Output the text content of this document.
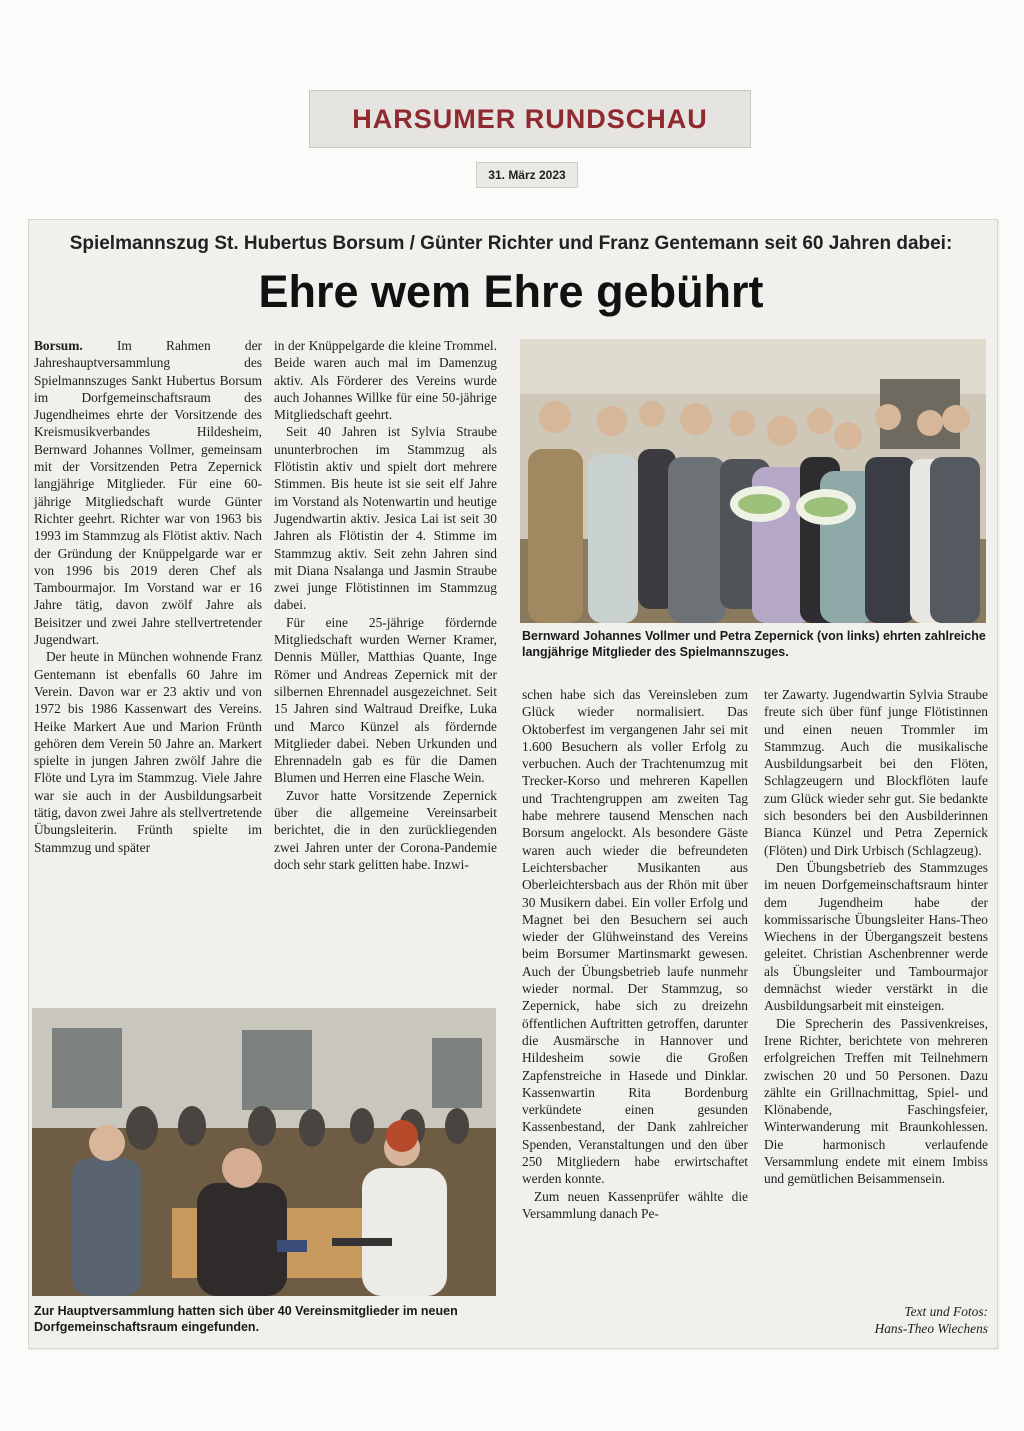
HARSUMER RUNDSCHAU
31. März 2023
Spielmannszug St. Hubertus Borsum / Günter Richter und Franz Gentemann seit 60 Jahren dabei:
Ehre wem Ehre gebührt

Borsum.	Im Rahmen der Jahreshauptversammlung des Spielmannszuges Sankt Hubertus Borsum im Dorfgemeinschaftsraum des Jugendheimes ehrte der Vorsitzende des Kreismusikverbandes Hildesheim, Bernward Johannes Vollmer, gemeinsam mit der Vorsitzenden Petra Zepernick langjährige Mitglieder. Für eine 60-jährige Mitgliedschaft wurde Günter Richter geehrt. Richter war von 1963 bis 1993 im Stammzug als Flötist aktiv. Nach der Gründung der Knüppelgarde war er von 1996 bis 2019 deren Chef als Tambourmajor. Im Vorstand war er 16 Jahre tätig, davon zwölf Jahre als Beisitzer und zwei Jahre stellvertretender Jugendwart.

Der heute in München wohnende Franz Gentemann ist ebenfalls 60 Jahre im Verein. Davon war er 23 aktiv und von 1972 bis 1986 Kassenwart des Vereins. Heike Markert Aue und Marion Frünth gehören dem Verein 50 Jahre an. Markert spielte in jungen Jahren zwölf Jahre die Flöte und Lyra im Stammzug. Viele Jahre war sie auch in der Ausbildungsarbeit tätig, davon zwei Jahre als stellvertretende Übungsleiterin. Frünth spielte im Stammzug und später

in der Knüppelgarde die kleine Trommel. Beide waren auch mal im Damenzug aktiv. Als Förderer des Vereins wurde auch Johannes Willke für eine 50-jährige Mitgliedschaft geehrt.

Seit 40 Jahren ist Sylvia Straube ununterbrochen im Stammzug als Flötistin aktiv und spielt dort mehrere Stimmen. Bis heute ist sie seit elf Jahre im Vorstand als Notenwartin und heutige Jugendwartin aktiv. Jesica Lai ist seit 30 Jahren als Flötistin der 4. Stimme im Stammzug aktiv. Seit zehn Jahren sind mit Diana Nsalanga und Jasmin Straube zwei junge Flötistinnen im Stammzug dabei.

Für eine 25-jährige fördernde Mitgliedschaft wurden Werner Kramer, Dennis Müller, Matthias Quante, Inge Römer und Andreas Zepernick mit der silbernen Ehrennadel ausgezeichnet. Seit 15 Jahren sind Waltraud Dreifke, Luka und Marco Künzel als fördernde Mitglieder dabei. Neben Urkunden und Ehrennadeln gab es für die Damen Blumen und Herren eine Flasche Wein.

Zuvor hatte Vorsitzende Zepernick über die allgemeine Vereinsarbeit berichtet, die in den zurückliegenden zwei Jahren unter der Corona-Pandemie doch sehr stark gelitten habe. Inzwi-

Bernward Johannes Vollmer und Petra Zepernick (von links) ehrten zahlreiche langjährige Mitglieder des Spielmannszuges.

schen habe sich das Vereinsleben zum Glück wieder normalisiert. Das Oktoberfest im vergangenen Jahr sei mit 1.600 Besuchern als voller Erfolg zu verbuchen. Auch der Trachtenumzug mit Trecker-Korso und mehreren Kapellen und Trachtengruppen am zweiten Tag habe mehrere tausend Menschen nach Borsum angelockt. Als besondere Gäste waren auch wieder die befreundeten Leichtersbacher Musikanten aus Oberleichtersbach aus der Rhön mit über 30 Musikern dabei. Ein voller Erfolg und Magnet bei den Besuchern sei auch wieder der Glühweinstand des Vereins beim Borsumer Martinsmarkt gewesen. Auch der Übungsbetrieb laufe nunmehr wieder normal. Der Stammzug, so Zepernick, habe sich zu dreizehn öffentlichen Auftritten getroffen, darunter die Ausmärsche in Hannover und Hildesheim sowie die Großen Zapfenstreiche in Hasede und Dinklar. Kassenwartin Rita Bordenburg verkündete einen gesunden Kassenbestand, der Dank zahlreicher Spenden, Veranstaltungen und den über 250 Mitgliedern habe erwirtschaftet werden konnte.

Zum neuen Kassenprüfer wählte die Versammlung danach Pe-

ter Zawarty. Jugendwartin Sylvia Straube freute sich über fünf junge Flötistinnen und einen neuen Trommler im Stammzug. Auch die musikalische Ausbildungsarbeit bei den Flöten, Schlagzeugern und Blockflöten laufe zum Glück wieder sehr gut. Sie bedankte sich besonders bei den Ausbilderinnen Bianca Künzel und Petra Zepernick (Flöten) und Dirk Urbisch (Schlagzeug).

Den Übungsbetrieb des Stammzuges im neuen Dorfgemeinschaftsraum hinter dem Jugendheim habe der kommissarische Übungsleiter Hans-Theo Wiechens in der Übergangszeit bestens geleitet. Christian Aschenbrenner werde als Übungsleiter und Tambourmajor demnächst wieder verstärkt in die Ausbildungsarbeit mit einsteigen.

Die Sprecherin des Passivenkreises, Irene Richter, berichtete von mehreren erfolgreichen Treffen mit Teilnehmern zwischen 20 und 50 Personen. Dazu zählte ein Grillnachmittag, Spiel- und Klönabende, Faschingsfeier, Winterwanderung mit Braunkohlessen. Die harmonisch verlaufende Versammlung endete mit einem Imbiss und gemütlichen Beisammensein.

Text und Fotos:
Hans-Theo Wiechens
Zur Hauptversammlung hatten sich über 40 Vereinsmitglieder im neuen Dorfgemeinschaftsraum eingefunden.
